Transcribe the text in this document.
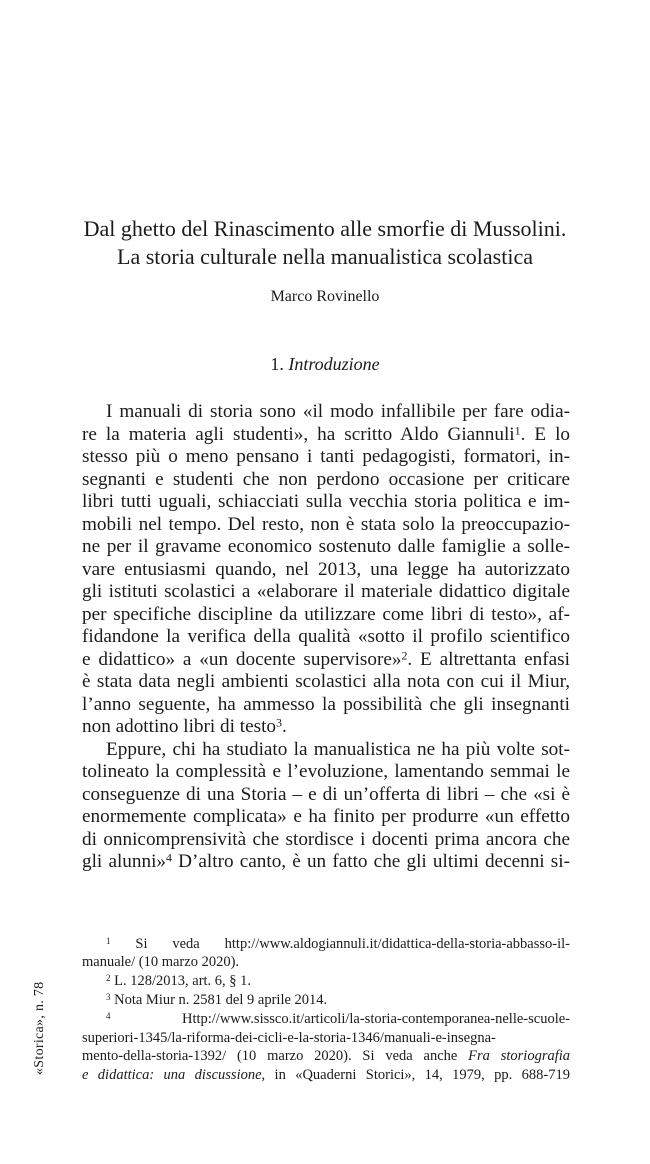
Dal ghetto del Rinascimento alle smorfie di Mussolini.
La storia culturale nella manualistica scolastica
Marco Rovinello
1. Introduzione
I manuali di storia sono «il modo infallibile per fare odia-
re la materia agli studenti», ha scritto Aldo Giannuli$^1$. E lo
stesso più o meno pensano i tanti pedagogisti, formatori, in-
segnanti e studenti che non perdono occasione per criticare
libri tutti uguali, schiacciati sulla vecchia storia politica e im-
mobili nel tempo. Del resto, non è stata solo la preoccupazio-
ne per il gravame economico sostenuto dalle famiglie a solle-
vare entusiasmi quando, nel 2013, una legge ha autorizzato
gli istituti scolastici a «elaborare il materiale didattico digitale
per specifiche discipline da utilizzare come libri di testo», af-
fidandone la verifica della qualità «sotto il profilo scientifico
e didattico» a «un docente supervisore»$^2$. E altrettanta enfasi
è stata data negli ambienti scolastici alla nota con cui il Miur,
l’anno seguente, ha ammesso la possibilità che gli insegnanti
non adottino libri di testo$^3$.
Eppure, chi ha studiato la manualistica ne ha più volte sot-
tolineato la complessità e l’evoluzione, lamentando semmai le
conseguenze di una Storia – e di un’offerta di libri – che «si è
enormemente complicata» e ha finito per produrre «un effetto
di onnicomprensività che stordisce i docenti prima ancora che
gli alunni»$^4$ D’altro canto, è un fatto che gli ultimi decenni si-
$^1$ Si veda http://www.aldogiannuli.it/didattica-della-storia-abbasso-il-
manuale/ (10 marzo 2020).
$^2$ L. 128/2013, art. 6, § 1.
$^3$ Nota Miur n. 2581 del 9 aprile 2014.
$^4$	Http://www.sissco.it/articoli/la-storia-contemporanea-nelle-scuole-
superiori-1345/la-riforma-dei-cicli-e-la-storia-1346/manuali-e-insegna-
mento-della-storia-1392/ (10 marzo 2020). Si veda anche Fra storiografia
e didattica: una discussione, in «Quaderni Storici», 14, 1979, pp. 688-719
«Storica», n. 78
